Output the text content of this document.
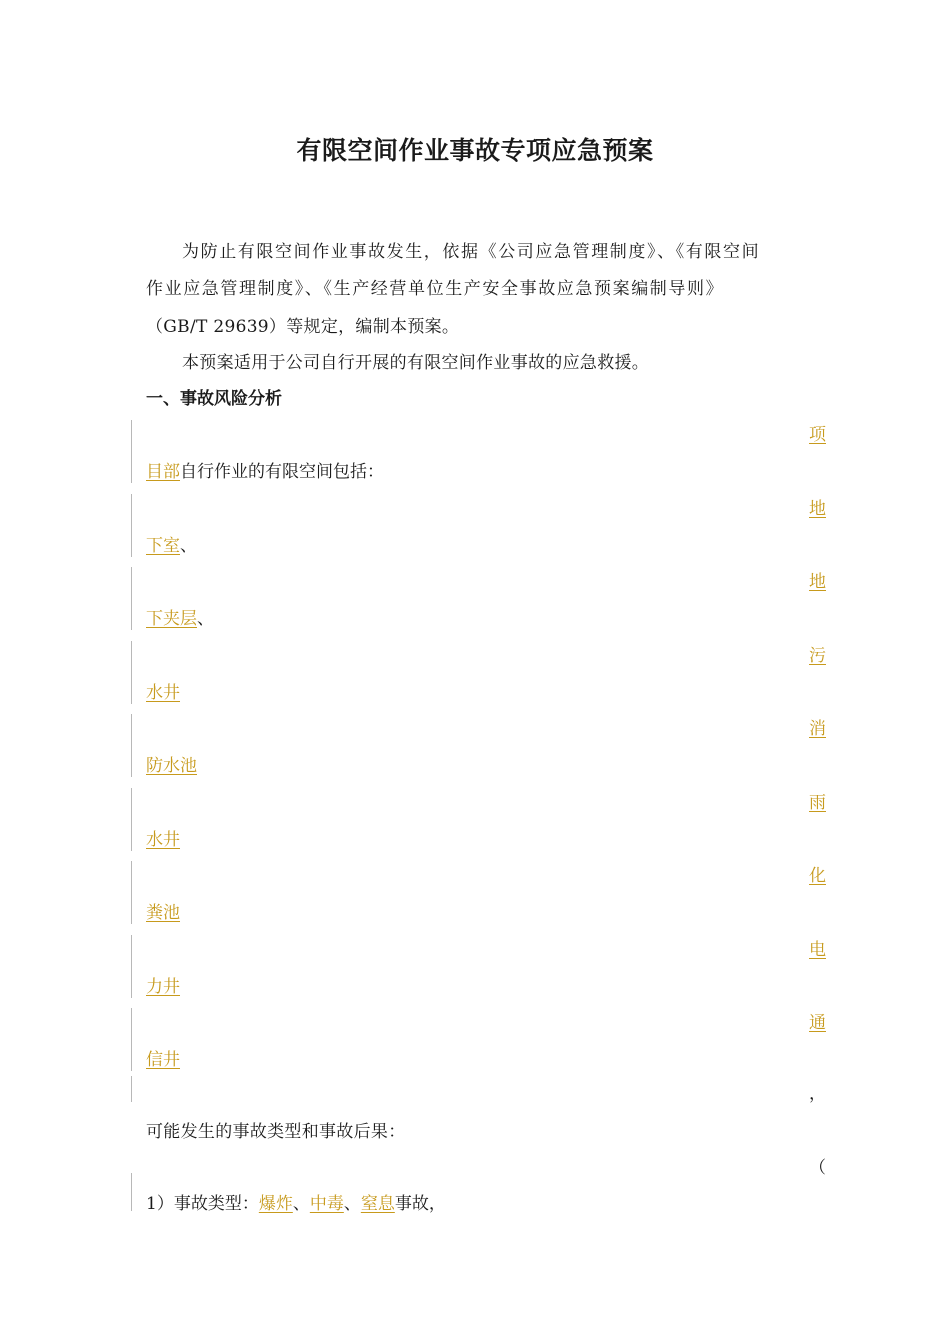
有限空间作业事故专项应急预案
为防止有限空间作业事故发生，依据《公司应急管理制度》、《有限空间
作业应急管理制度》、《生产经营单位生产安全事故应急预案编制导则》
（GB/T 29639）等规定，编制本预案。
本预案适用于公司自行开展的有限空间作业事故的应急救援。
一、事故风险分析
项
目部自行作业的有限空间包括：
地
下室、
地
下夹层、
污
水井
消
防水池
雨
水井
化
粪池
电
力井
通
信井
，
可能发生的事故类型和事故后果：
（
1）事故类型：爆炸、中毒、窒息事故，
